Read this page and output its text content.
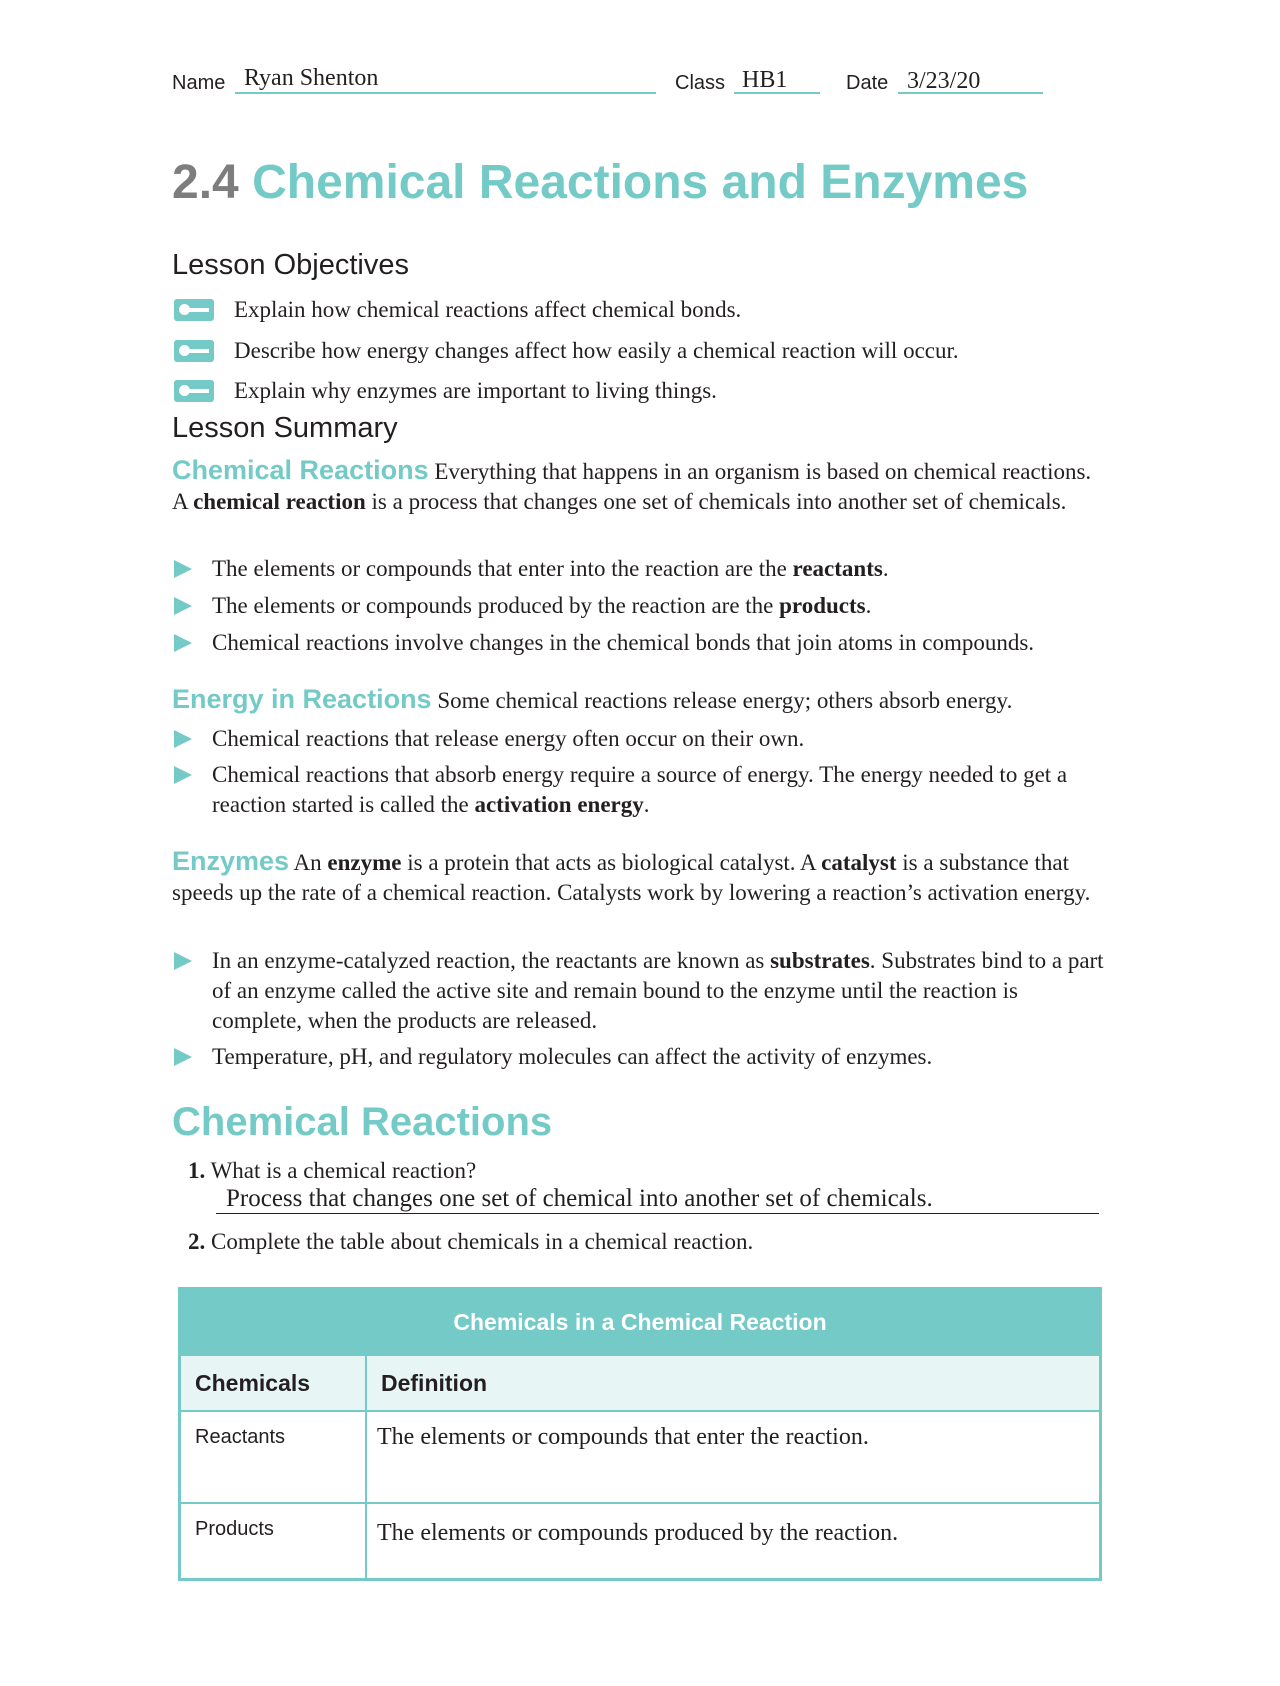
Name Ryan Shenton	Class HB1	Date 3/23/20
2.4 Chemical Reactions and Enzymes
Lesson Objectives
Explain how chemical reactions affect chemical bonds.
Describe how energy changes affect how easily a chemical reaction will occur.
Explain why enzymes are important to living things.
Lesson Summary
Chemical Reactions Everything that happens in an organism is based on chemical reactions. A chemical reaction is a process that changes one set of chemicals into another set of chemicals.
The elements or compounds that enter into the reaction are the reactants.
The elements or compounds produced by the reaction are the products.
Chemical reactions involve changes in the chemical bonds that join atoms in compounds.
Energy in Reactions Some chemical reactions release energy; others absorb energy.
Chemical reactions that release energy often occur on their own.
Chemical reactions that absorb energy require a source of energy. The energy needed to get a reaction started is called the activation energy.
Enzymes An enzyme is a protein that acts as biological catalyst. A catalyst is a substance that speeds up the rate of a chemical reaction. Catalysts work by lowering a reaction’s activation energy.
In an enzyme-catalyzed reaction, the reactants are known as substrates. Substrates bind to a part of an enzyme called the active site and remain bound to the enzyme until the reaction is complete, when the products are released.
Temperature, pH, and regulatory molecules can affect the activity of enzymes.
Chemical Reactions
1. What is a chemical reaction?
Process that changes one set of chemical into another set of chemicals.
2. Complete the table about chemicals in a chemical reaction.
Chemicals in a Chemical Reaction	
Chemicals	Definition
Reactants	The elements or compounds that enter the reaction.
Products	The elements or compounds produced by the reaction.
